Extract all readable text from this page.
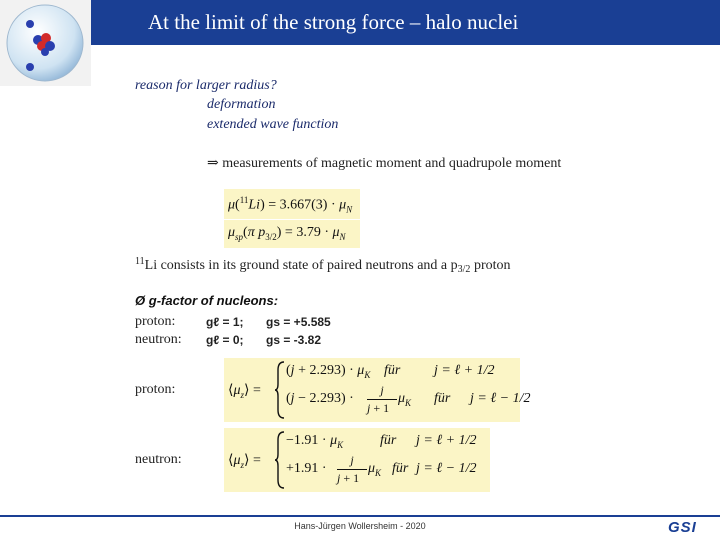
At the limit of the strong force – halo nuclei
reason for larger radius?
deformation
extended wave function
⇒ measurements of magnetic moment and quadrupole moment
$\mu(^{11}Li) = 3.667(3) \cdot \mu_N$
$\mu_{sp}(\pi$ $p_{3/2}) = 3.79 \cdot \mu_N$
$^{11}$Li consists in its ground state of paired neutrons and a $p_{3/2}$ proton
Ø g-factor of nucleons:
proton:	gℓ = 1; gs = +5.585
neutron: gℓ = 0; gs = -3.82
proton:	$⟨\mu_z⟩$ =
$(j + 2.293) \cdot \mu_K$ für j = ℓ + 1/2
(j − 2.293) ·
j
j + 1
$\mu_K$ für j = ℓ − 1/2
neutron:	$⟨\mu_z⟩$ =
$-1.91 \cdot \mu_K$	für j = ℓ + 1/2
+1.91 ·
j
j + 1
$\mu_K$ für j = ℓ − 1/2
Hans-Jürgen Wollersheim - 2020	GSI
